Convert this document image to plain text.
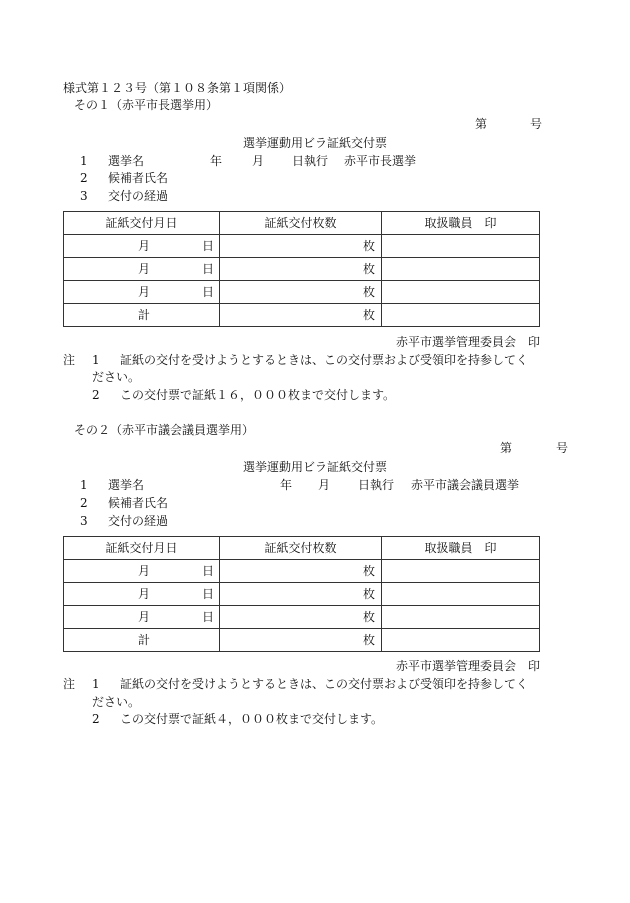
様式第１２３号（第１０８条第１項関係）
その１（赤平市長選挙用）
第	号
選挙運動用ビラ証紙交付票
1 選挙名	年 月 日執行 赤平市長選挙
2 候補者氏名
3 交付の経過
証紙交付月日	証紙交付枚数	取扱職員　印

月 日	枚	

月 日	枚	

月 日	枚	

計	枚	
赤平市選挙管理委員会　印
注 1 証紙の交付を受けようとするときは、この交付票および受領印を持参してく
ださい。
2 この交付票で証紙１６，０００枚まで交付します。
その２（赤平市議会議員選挙用）
第	号
選挙運動用ビラ証紙交付票
1 選挙名	年 月 日執行 赤平市議会議員選挙
2 候補者氏名
3 交付の経過
証紙交付月日	証紙交付枚数	取扱職員　印

月 日	枚	

月 日	枚	

月 日	枚	

計	枚	
赤平市選挙管理委員会　印
注 1 証紙の交付を受けようとするときは、この交付票および受領印を持参してく
ださい。
2 この交付票で証紙４，０００枚まで交付します。
